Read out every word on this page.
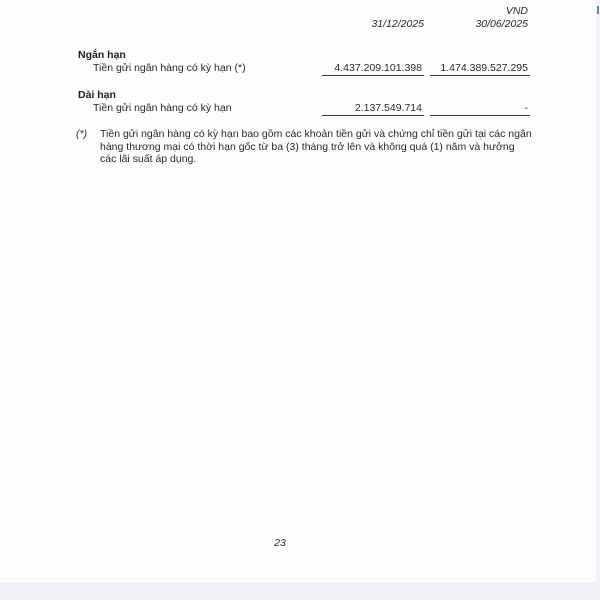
VND
31/12/2025	30/06/2025
Ngắn hạn
Tiền gửi ngân hàng có kỳ hạn (*)	4.437.209.101.398	1.474.389.527.295
Dài hạn
Tiền gửi ngân hàng có kỳ hạn	2.137.549.714	-
(*) Tiền gửi ngân hàng có kỳ hạn bao gồm các khoản tiền gửi và chứng chỉ tiền gửi tại các ngân hàng thương mại có thời hạn gốc từ ba (3) tháng trở lên và không quá (1) năm và hưởng các lãi suất áp dụng.
23
